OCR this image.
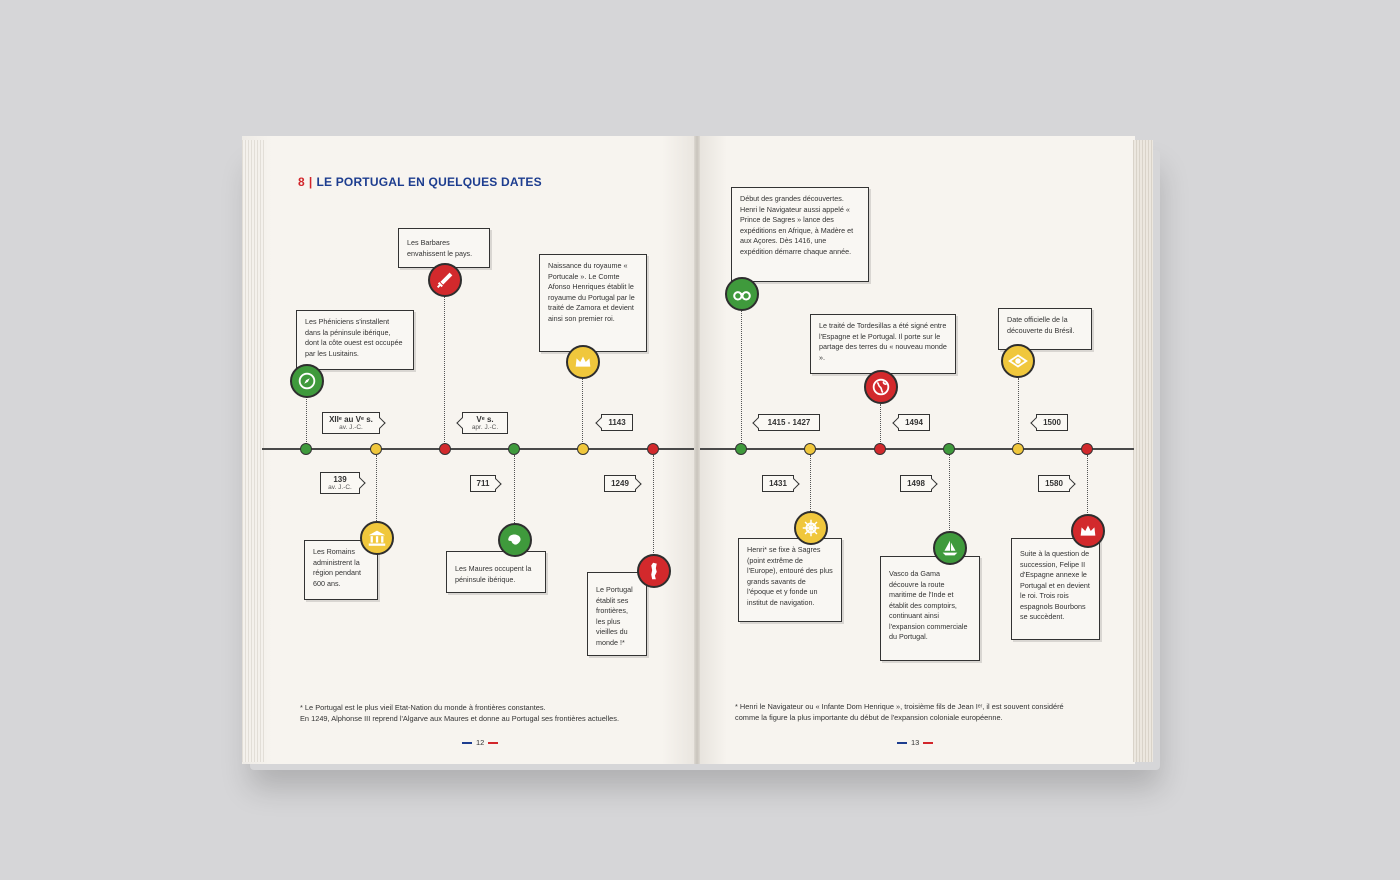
8 | LE PORTUGAL EN QUELQUES DATES
XIIᵉ au Vᵉ s.
av. J.-C.
139
av. J.-C.
Vᵉ s.
apr. J.-C.
711
1143
1249
1415 - 1427
1431
1494
1498
1500
1580
Les Phéniciens s'installent dans la péninsule ibérique, dont la côte ouest est occupée par les Lusitains.
Les Barbares envahissent le pays.
Naissance du royaume « Portucale ». Le Comte Afonso Henriques établit le royaume du Portugal par le traité de Zamora et devient ainsi son premier roi.
Les Romains administrent la région pendant 600 ans.
Les Maures occupent la péninsule ibérique.
Le Portugal établit ses frontières, les plus vieilles du monde !*
Début des grandes découvertes. Henri le Navigateur aussi appelé « Prince de Sagres » lance des expéditions en Afrique, à Madère et aux Açores. Dès 1416, une expédition démarre chaque année.
Le traité de Tordesillas a été signé entre l'Espagne et le Portugal. Il porte sur le partage des terres du « nouveau monde ».
Date officielle de la découverte du Brésil.
Henri* se fixe à Sagres (point extrême de l'Europe), entouré des plus grands savants de l'époque et y fonde un institut de navigation.
Vasco da Gama découvre la route maritime de l'Inde et établit des comptoirs, continuant ainsi l'expansion commerciale du Portugal.
Suite à la question de succession, Felipe II d'Espagne annexe le Portugal et en devient le roi. Trois rois espagnols Bourbons se succèdent.
* Le Portugal est le plus vieil Etat-Nation du monde à frontières constantes.
En 1249, Alphonse III reprend l'Algarve aux Maures et donne au Portugal ses frontières actuelles.
* Henri le Navigateur ou « Infante Dom Henrique », troisième fils de Jean Iᵉʳ, il est souvent considéré
comme la figure la plus importante du début de l'expansion coloniale européenne.
12	13
